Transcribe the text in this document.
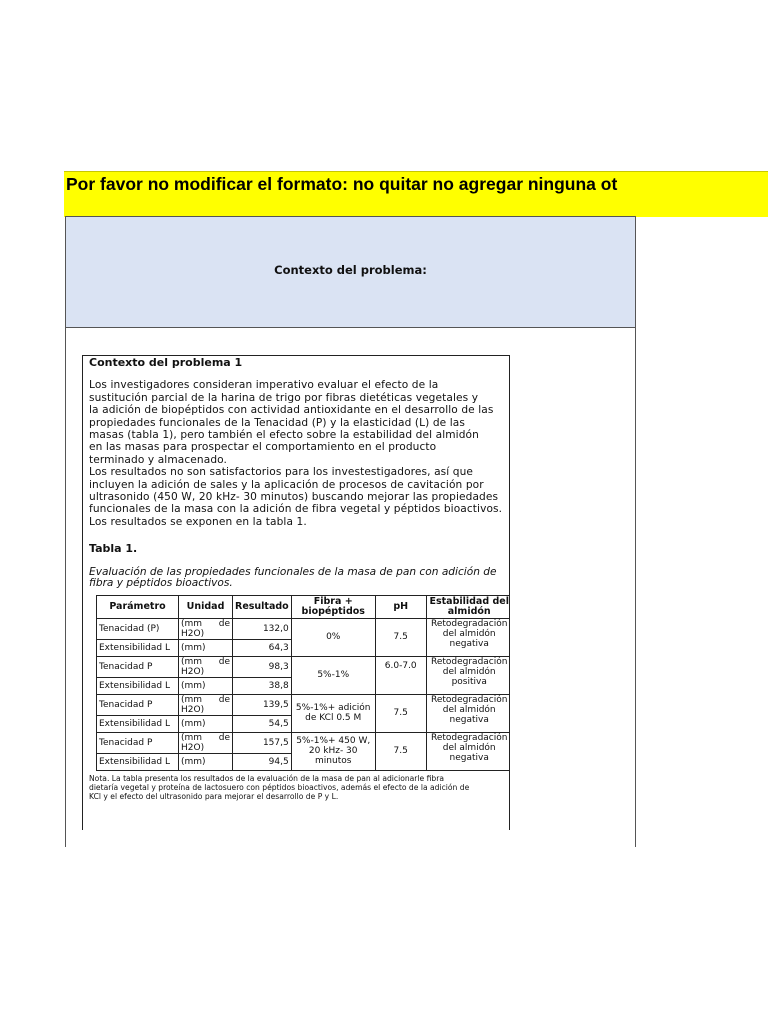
Por favor no modificar el formato: no quitar no agregar ninguna ot
Contexto del problema:
Contexto del problema 1
Los investigadores consideran imperativo evaluar el efecto de la
sustitución parcial de la harina de trigo por fibras dietéticas vegetales y
la adición de biopéptidos con actividad antioxidante en el desarrollo de las
propiedades funcionales de la Tenacidad (P) y la elasticidad (L) de las
masas (tabla 1), pero también el efecto sobre la estabilidad del almidón
en las masas para prospectar el comportamiento en el producto
terminado y almacenado.
Los resultados no son satisfactorios para los investestigadores, así que
incluyen la adición de sales y la aplicación de procesos de cavitación por
ultrasonido (450 W, 20 kHz- 30 minutos) buscando mejorar las propiedades
funcionales de la masa con la adición de fibra vegetal y péptidos bioactivos.
Los resultados se exponen en la tabla 1.
Tabla 1.
Evaluación de las propiedades funcionales de la masa de pan con adición de
fibra y péptidos bioactivos.
Parámetro	Unidad	Resultado	Fibra + biopéptidos	pH	Estabilidad del almidón
Tenacidad (P)	(mm de
H2O)	132,0	0%	7.5	Retodegradación del almidón negativa
Extensibilidad L	(mm)	64,3			
Tenacidad P	(mm de
H2O)	98,3	5%-1%	6.0-7.0	Retodegradación del almidón positiva
Extensibilidad L	(mm)	38,8			
Tenacidad P	(mm de
H2O)	139,5	5%-1%+ adición de KCl 0.5 M	7.5	Retodegradación del almidón negativa
Extensibilidad L	(mm)	54,5			
Tenacidad P	(mm de
H2O)	157,5	5%-1%+ 450 W, 20 kHz- 30 minutos	7.5	Retodegradación del almidón negativa
Extensibilidad L	(mm)	94,5			
Nota. La tabla presenta los resultados de la evaluación de la masa de pan al adicionarle fibra
dietaría vegetal y proteína de lactosuero con péptidos bioactivos, además el efecto de la adición de
KCl y el efecto del ultrasonido para mejorar el desarrollo de P y L.
